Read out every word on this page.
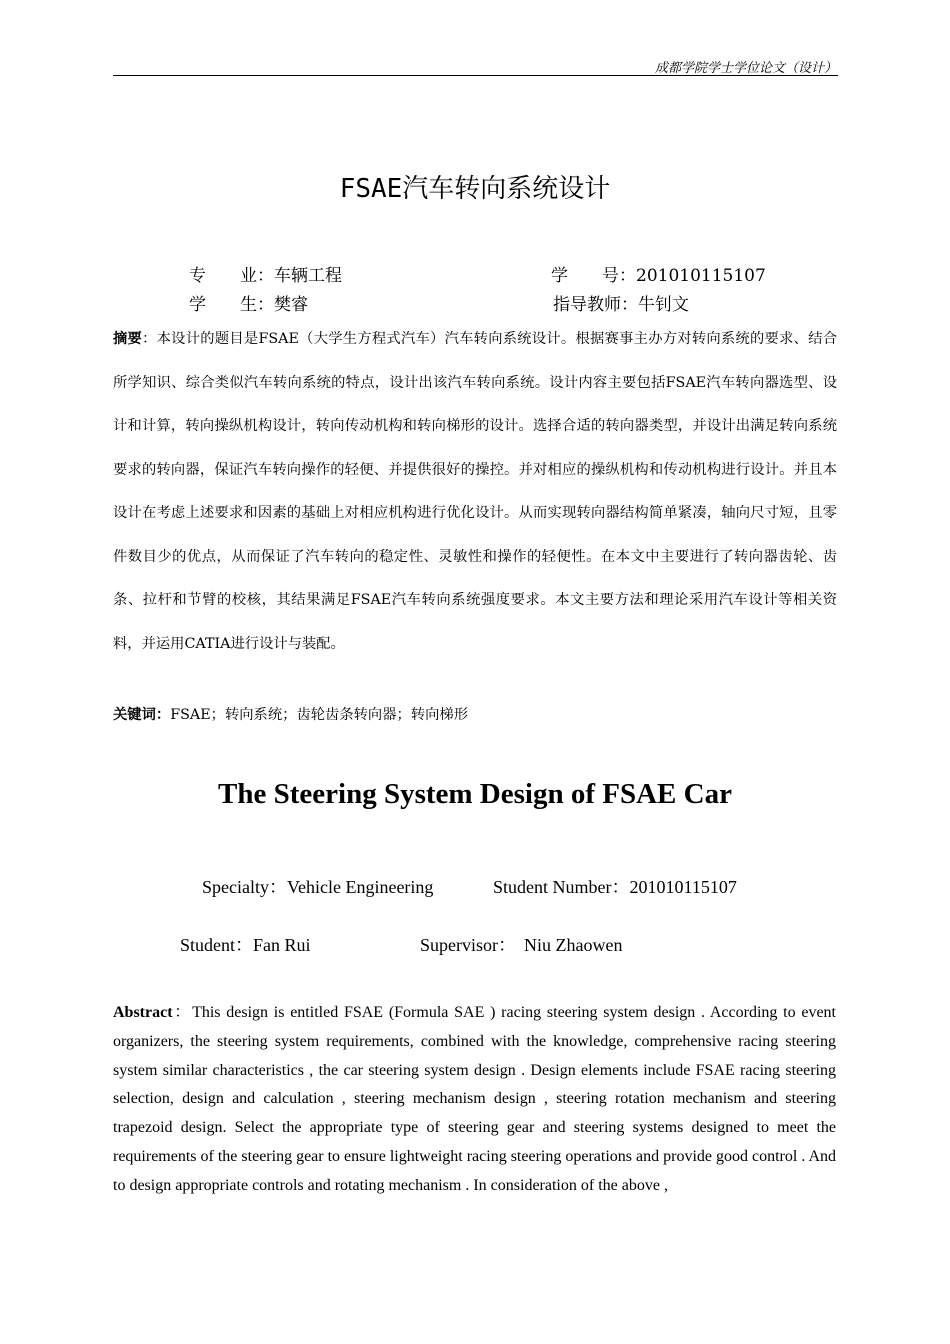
成都学院学士学位论文（设计）
FSAE汽车转向系统设计
专　　业：车辆工程	学　　号：201010115107
学　　生：樊睿	指导教师：牛钊文
摘要：本设计的题目是FSAE（大学生方程式汽车）汽车转向系统设计。根据赛事主办方对转向系统的要求、结合所学知识、综合类似汽车转向系统的特点，设计出该汽车转向系统。设计内容主要包括FSAE汽车转向器选型、设计和计算，转向操纵机构设计，转向传动机构和转向梯形的设计。选择合适的转向器类型，并设计出满足转向系统要求的转向器，保证汽车转向操作的轻便、并提供很好的操控。并对相应的操纵机构和传动机构进行设计。并且本设计在考虑上述要求和因素的基础上对相应机构进行优化设计。从而实现转向器结构简单紧凑，轴向尺寸短，且零件数目少的优点，从而保证了汽车转向的稳定性、灵敏性和操作的轻便性。在本文中主要进行了转向器齿轮、齿条、拉杆和节臂的校核，其结果满足FSAE汽车转向系统强度要求。本文主要方法和理论采用汽车设计等相关资料，并运用CATIA进行设计与装配。
关键词：FSAE；转向系统；齿轮齿条转向器；转向梯形
The Steering System Design of FSAE Car
Specialty：Vehicle Engineering	Student Number：201010115107
Student：Fan Rui	Supervisor： Niu Zhaowen
Abstract：This design is entitled FSAE (Formula SAE ) racing steering system design . According to event organizers, the steering system requirements, combined with the knowledge, comprehensive racing steering system similar characteristics , the car steering system design . Design elements include FSAE racing steering selection, design and calculation , steering mechanism design , steering rotation mechanism and steering trapezoid design. Select the appropriate type of steering gear and steering systems designed to meet the requirements of the steering gear to ensure lightweight racing steering operations and provide good control . And to design appropriate controls and rotating mechanism . In consideration of the above ,
